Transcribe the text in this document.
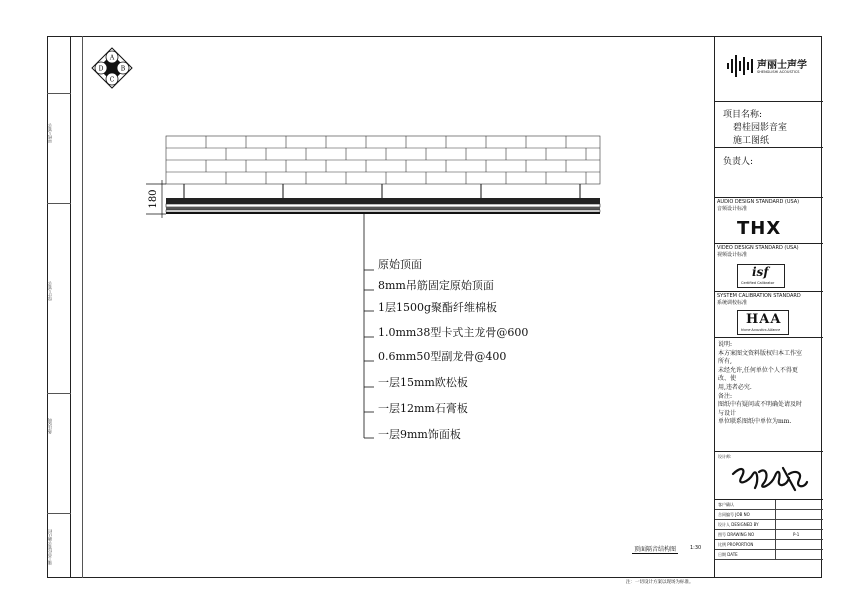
审核人签字
设计人签字
备注说明
施工单位签字确认栏
A
B
C
D
180
原始顶面
8mm吊筋固定原始顶面
1层1500g聚酯纤维棉板
1.0mm38型卡式主龙骨@600
0.6mm50型副龙骨@400
一层15mm欧松板
一层12mm石膏板
一层9mm饰面板
顶面隔音结构图	1:30
注：一切设计方案以现场为标准。
声丽士声学
SHENGLISHI ACOUSTICS
项目名称:
碧桂园影音室
施工图纸
负责人:
AUDIO DESIGN STANDARD (USA)
音频设计标准
THX
VIDEO DESIGN STANDARD (USA)
视频设计标准
isf
Certified Calibrator
SYSTEM CALIBRATION STANDARD
系统调校标准
HAA
Home Acoustics Alliance
说明:
本方案图文资料版权归本工作室
所有,
未经允许,任何单位个人不得更
改、使
用,违者必究.
备注:
图纸中有疑问或不明确处请及时
与设计
单位联系图纸中单位为mm.
设计师:
客户确认
合同编号 JOB NO
设计人 DESIGNED BY
图号 DRAWING NO	P-1
比例 PROPORTION
日期 DATE
